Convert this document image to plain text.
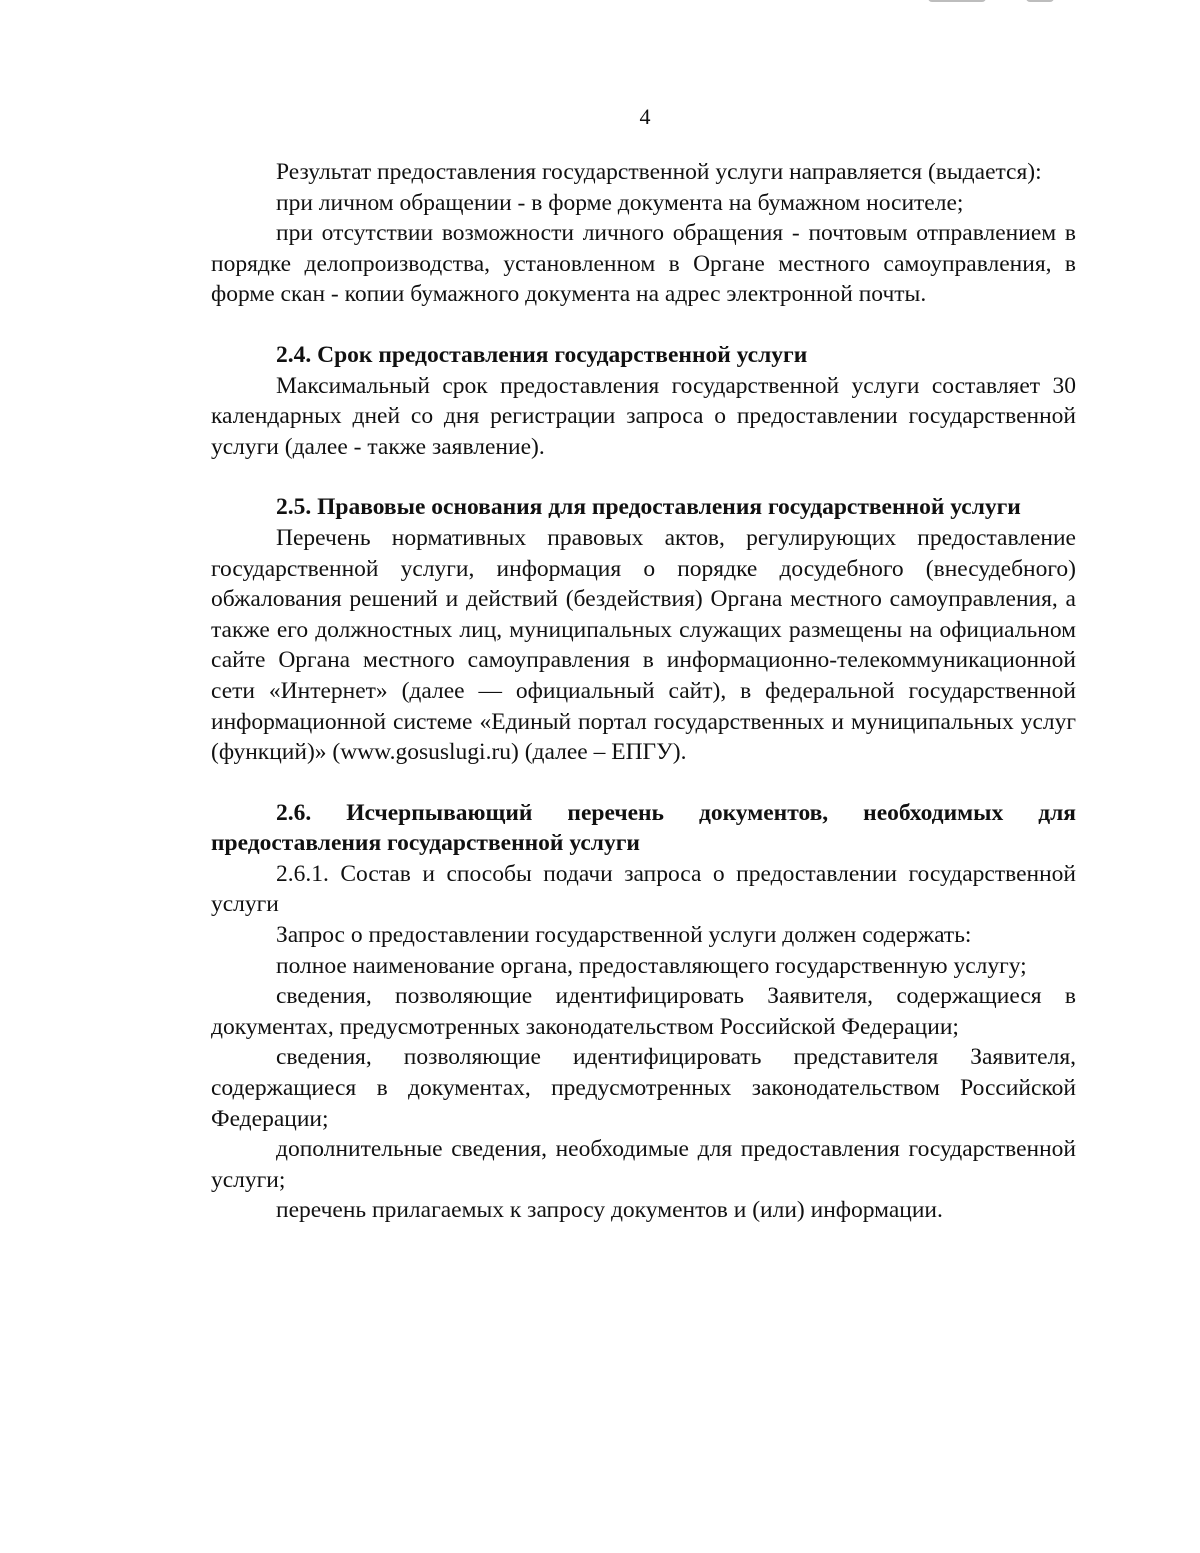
4

Результат предоставления государственной услуги направляется (выдается):

при личном обращении - в форме документа на бумажном носителе;

при отсутствии возможности личного обращения - почтовым отправлением в порядке делопроизводства, установленном в Органе местного самоуправления, в форме скан - копии бумажного документа на адрес электронной почты.

2.4. Срок предоставления государственной услуги

Максимальный срок предоставления государственной услуги составляет 30 календарных дней со дня регистрации запроса о предоставлении государственной услуги (далее - также заявление).

2.5. Правовые основания для предоставления государственной услуги

Перечень нормативных правовых актов, регулирующих предоставление государственной услуги, информация о порядке досудебного (внесудебного) обжалования решений и действий (бездействия) Органа местного самоуправления, а также его должностных лиц, муниципальных служащих размещены на официальном сайте Органа местного самоуправления в информационно-телекоммуникационной сети «Интернет» (далее — официальный сайт), в федеральной государственной информационной системе «Единый портал государственных и муниципальных услуг (функций)» (www.gosuslugi.ru) (далее – ЕПГУ).

2.6. Исчерпывающий перечень документов, необходимых для предоставления государственной услуги

2.6.1. Состав и способы подачи запроса о предоставлении государственной услуги

Запрос о предоставлении государственной услуги должен содержать:

полное наименование органа, предоставляющего государственную услугу;

сведения, позволяющие идентифицировать Заявителя, содержащиеся в документах, предусмотренных законодательством Российской Федерации;

сведения, позволяющие идентифицировать представителя Заявителя, содержащиеся в документах, предусмотренных законодательством Российской Федерации;

дополнительные сведения, необходимые для предоставления государственной услуги;

перечень прилагаемых к запросу документов и (или) информации.
